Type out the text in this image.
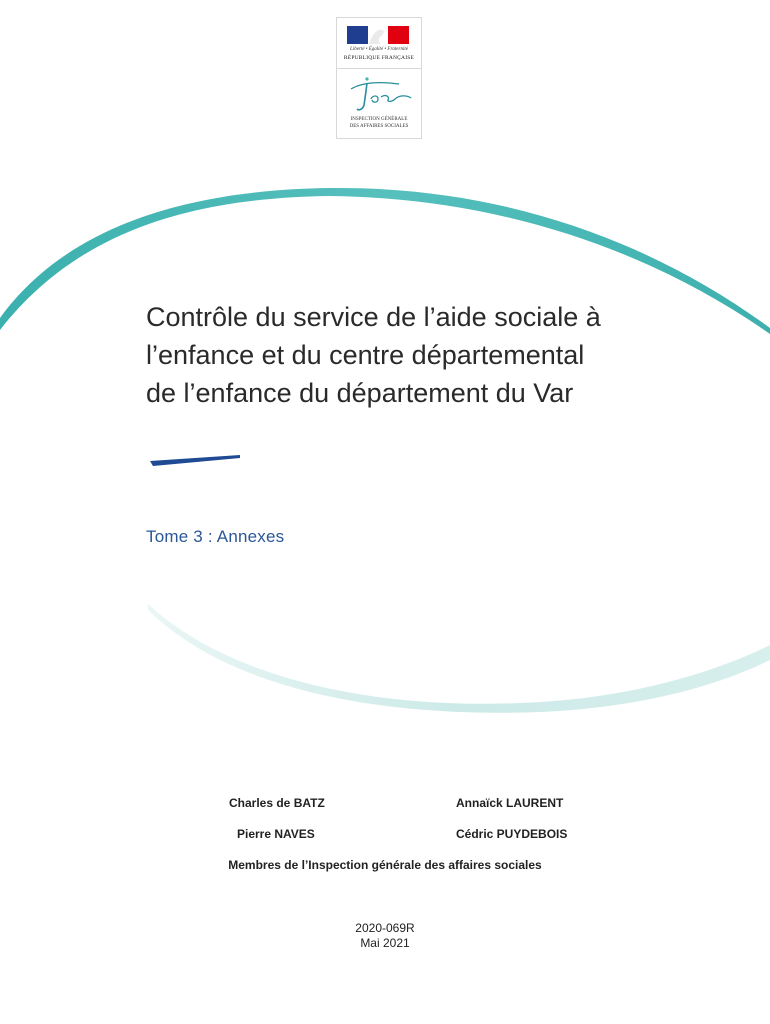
Liberté • Égalité • Fraternité
RÉPUBLIQUE FRANÇAISE
INSPECTION GÉNÉRALE
DES AFFAIRES SOCIALES
Contrôle du service de l’aide sociale à
l’enfance et du centre départemental
de l’enfance du département du Var
Tome 3 : Annexes
Charles de BATZ	Annaïck LAURENT
Pierre NAVES	Cédric PUYDEBOIS
Membres de l’Inspection générale des affaires sociales
2020-069R
Mai 2021
